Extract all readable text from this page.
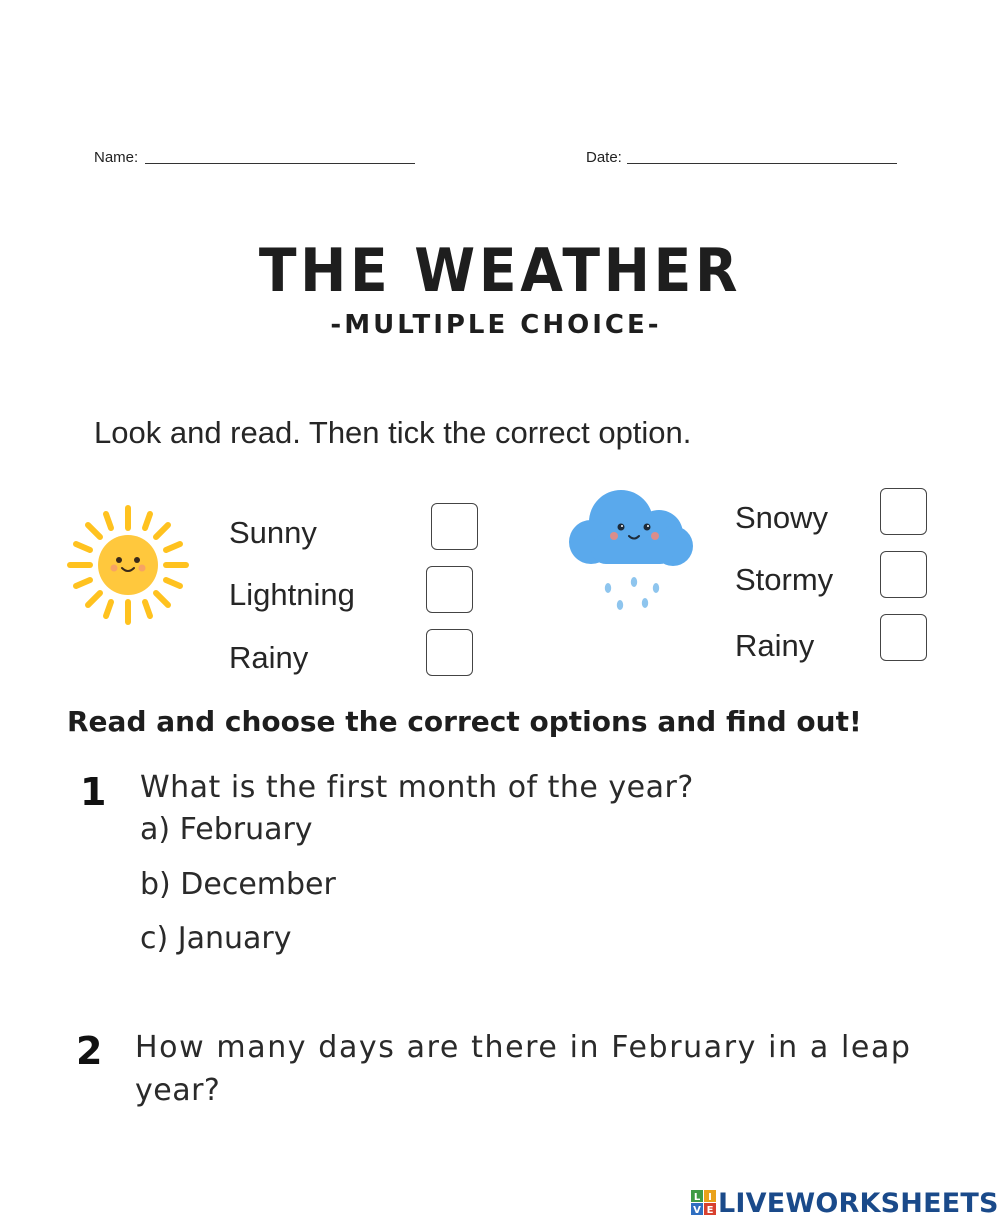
Name:	Date:
THE WEATHER
-MULTIPLE CHOICE-
Look and read. Then tick the correct option.
Sunny
Lightning
Rainy
Snowy
Stormy
Rainy
Read and choose the correct options and find out!
1 What is the first month of the year?
a) February
b) December
c) January
2 How many days are there in February in a leap
year?
L I
V E LIVEWORKSHEETS
